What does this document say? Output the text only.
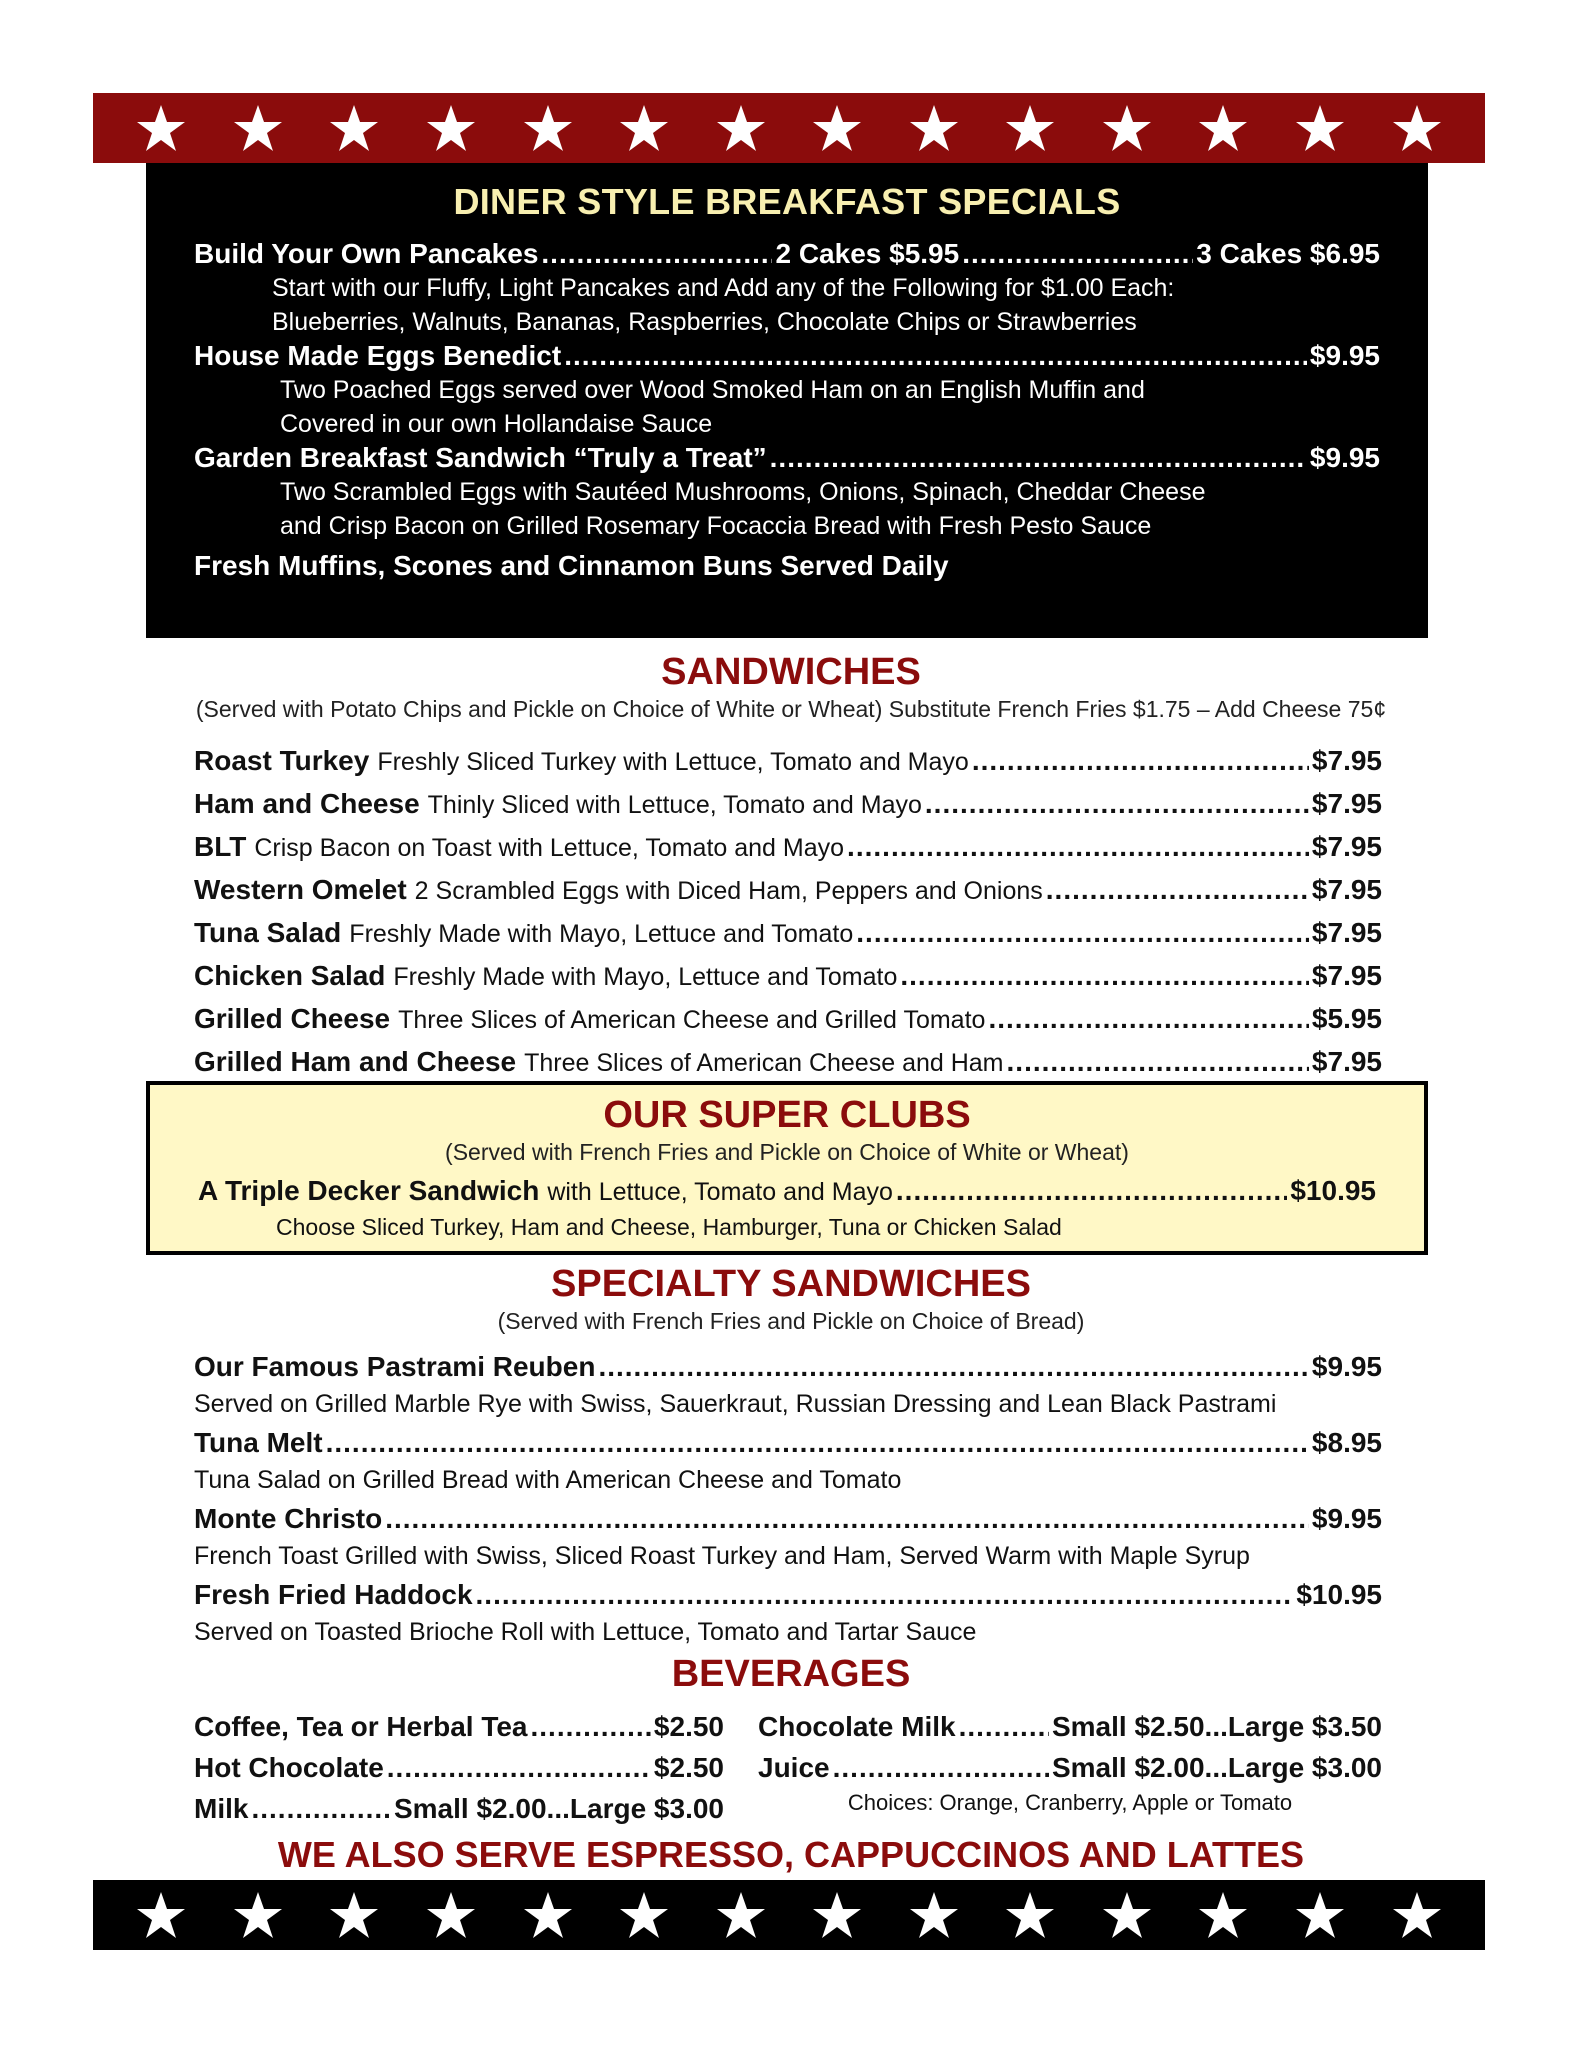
DINER STYLE BREAKFAST SPECIALS
Build Your Own Pancakes .....	2 Cakes $5.95 .....	3 Cakes $6.95
Start with our Fluffy, Light Pancakes and Add any of the Following for $1.00 Each:
Blueberries, Walnuts, Bananas, Raspberries, Chocolate Chips or Strawberries
House Made Eggs Benedict .....	$9.95
Two Poached Eggs served over Wood Smoked Ham on an English Muffin and
Covered in our own Hollandaise Sauce
Garden Breakfast Sandwich “Truly a Treat” .....	$9.95
Two Scrambled Eggs with Sautéed Mushrooms, Onions, Spinach, Cheddar Cheese
and Crisp Bacon on Grilled Rosemary Focaccia Bread with Fresh Pesto Sauce
Fresh Muffins, Scones and Cinnamon Buns Served Daily
SANDWICHES
(Served with Potato Chips and Pickle on Choice of White or Wheat) Substitute French Fries $1.75 – Add Cheese 75¢
Roast Turkey Freshly Sliced Turkey with Lettuce, Tomato and Mayo .....	$7.95
Ham and Cheese Thinly Sliced with Lettuce, Tomato and Mayo .....	$7.95
BLT Crisp Bacon on Toast with Lettuce, Tomato and Mayo .....	$7.95
Western Omelet 2 Scrambled Eggs with Diced Ham, Peppers and Onions .....	$7.95
Tuna Salad Freshly Made with Mayo, Lettuce and Tomato .....	$7.95
Chicken Salad Freshly Made with Mayo, Lettuce and Tomato .....	$7.95
Grilled Cheese Three Slices of American Cheese and Grilled Tomato .....	$5.95
Grilled Ham and Cheese Three Slices of American Cheese and Ham .....	$7.95
OUR SUPER CLUBS
(Served with French Fries and Pickle on Choice of White or Wheat)
A Triple Decker Sandwich with Lettuce, Tomato and Mayo .....	$10.95
Choose Sliced Turkey, Ham and Cheese, Hamburger, Tuna or Chicken Salad
SPECIALTY SANDWICHES
(Served with French Fries and Pickle on Choice of Bread)
Our Famous Pastrami Reuben .....	$9.95
Served on Grilled Marble Rye with Swiss, Sauerkraut, Russian Dressing and Lean Black Pastrami
Tuna Melt .....	$8.95
Tuna Salad on Grilled Bread with American Cheese and Tomato
Monte Christo .....	$9.95
French Toast Grilled with Swiss, Sliced Roast Turkey and Ham, Served Warm with Maple Syrup
Fresh Fried Haddock .....	$10.95
Served on Toasted Brioche Roll with Lettuce, Tomato and Tartar Sauce
BEVERAGES
Coffee, Tea or Herbal Tea .....	$2.50
Hot Chocolate .....	$2.50
Milk .....	Small $2.00 ... Large $3.00
Chocolate Milk .....	Small $2.50 ... Large $3.50
Juice .....	Small $2.00 ... Large $3.00
Choices: Orange, Cranberry, Apple or Tomato
WE ALSO SERVE ESPRESSO, CAPPUCCINOS AND LATTES
